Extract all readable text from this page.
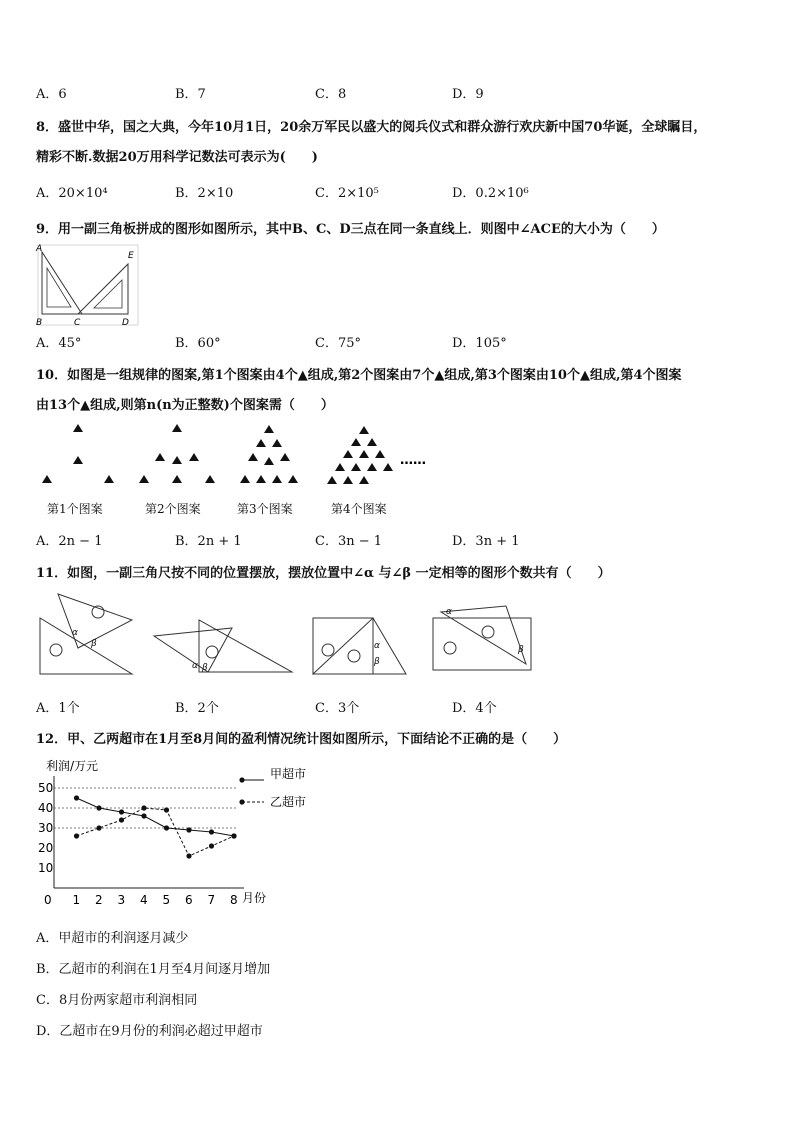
A．6	B．7	C．8	D．9
8．盛世中华，国之大典，今年10月1日，20余万军民以盛大的阅兵仪式和群众游行欢庆新中国70华诞，全球瞩目，
精彩不断.数据20万用科学记数法可表示为(　　)
A．20×10⁴	B．2×10	C．2×10⁵	D．0.2×10⁶
9．用一副三角板拼成的图形如图所示，其中B、C、D三点在同一条直线上．则图中∠ACE的大小为（　　）
A
E
B	C	D
A．45°	B．60°	C．75°	D．105°
10．如图是一组规律的图案,第1个图案由4个▲组成,第2个图案由7个▲组成,第3个图案由10个▲组成,第4个图案
由13个▲组成,则第n(n为正整数)个图案需（　　）
……
第1个图案	第2个图案	第3个图案	第4个图案
A．2n − 1	B．2n + 1	C．3n − 1	D．3n + 1
11．如图，一副三角尺按不同的位置摆放，摆放位置中∠α 与∠β 一定相等的图形个数共有（　　）
α
β
α β
α
β
α
β
A．1个	B．2个	C．3个	D．4个
12．甲、乙两超市在1月至8月间的盈利情况统计图如图所示，下面结论不正确的是（　　）
10
20
30
40
50
0 1 2 3 4 5 6 7 8
利润/万元
月份
甲超市
乙超市
A．甲超市的利润逐月减少
B．乙超市的利润在1月至4月间逐月增加
C．8月份两家超市利润相同
D．乙超市在9月份的利润必超过甲超市
